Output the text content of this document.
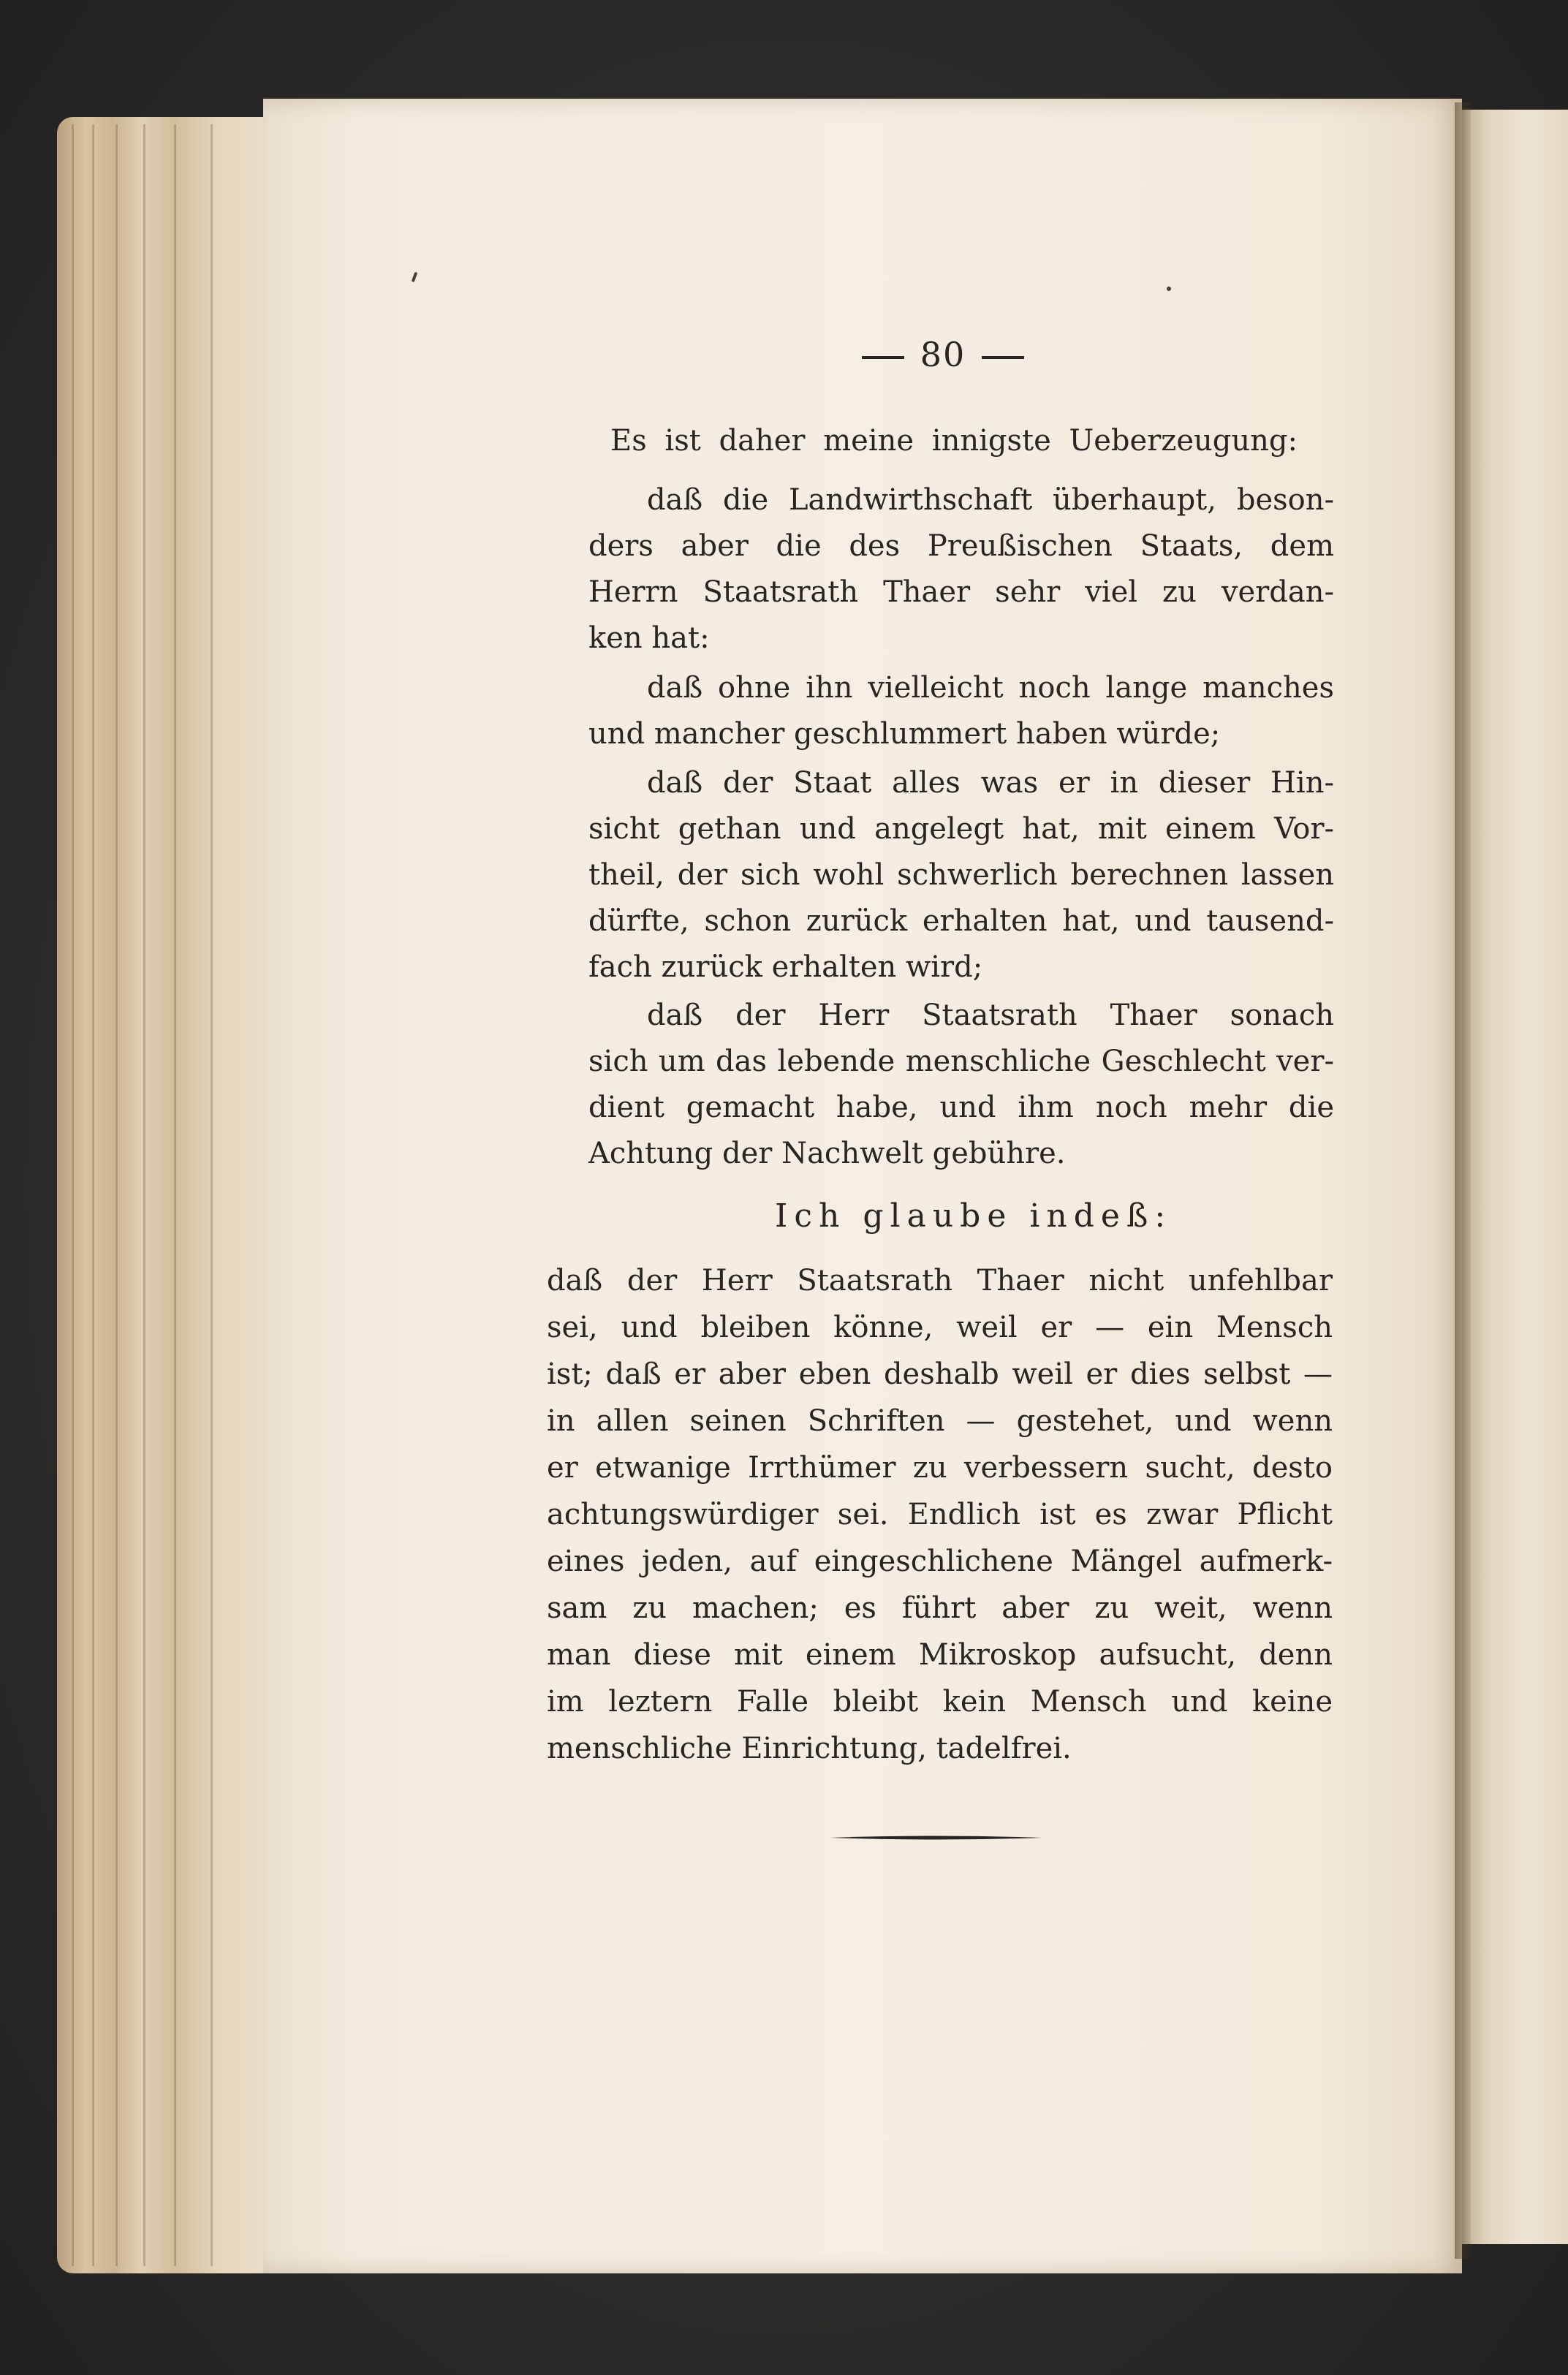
80
Es ist daher meine innigste Ueberzeugung:
daß die Landwirthschaft überhaupt, beson-
ders aber die des Preußischen Staats, dem
Herrn Staatsrath Thaer sehr viel zu verdan-
ken hat:
daß ohne ihn vielleicht noch lange manches
und mancher geschlummert haben würde;
daß der Staat alles was er in dieser Hin-
sicht gethan und angelegt hat, mit einem Vor-
theil, der sich wohl schwerlich berechnen lassen
dürfte, schon zurück erhalten hat, und tausend-
fach zurück erhalten wird;
daß der Herr Staatsrath Thaer sonach
sich um das lebende menschliche Geschlecht ver-
dient gemacht habe, und ihm noch mehr die
Achtung der Nachwelt gebühre.
Ich glaube indeß:
daß der Herr Staatsrath Thaer nicht unfehlbar
sei, und bleiben könne, weil er — ein Mensch
ist; daß er aber eben deshalb weil er dies selbst —
in allen seinen Schriften — gestehet, und wenn
er etwanige Irrthümer zu verbessern sucht, desto
achtungswürdiger sei. Endlich ist es zwar Pflicht
eines jeden, auf eingeschlichene Mängel aufmerk-
sam zu machen; es führt aber zu weit, wenn
man diese mit einem Mikroskop aufsucht, denn
im leztern Falle bleibt kein Mensch und keine
menschliche Einrichtung, tadelfrei.
